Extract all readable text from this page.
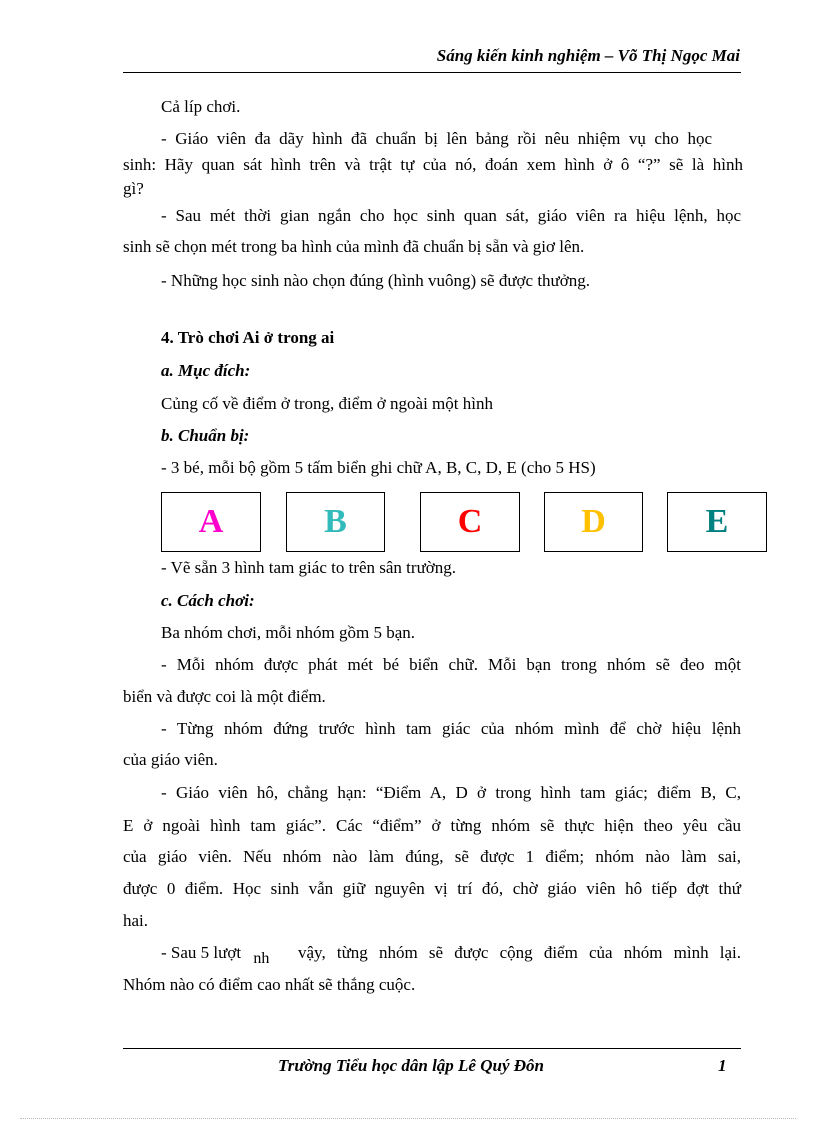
Sáng kiến kinh nghiệm – Võ Thị Ngọc Mai
Cả líp chơi.
- Giáo viên đa dãy hình đã chuẩn bị lên bảng rồi nêu nhiệm vụ cho học
sinh: Hãy quan sát hình trên và trật tự của nó, đoán xem hình ở ô “?” sẽ là hình
gì?
- Sau mét thời gian ngắn cho học sinh quan sát, giáo viên ra hiệu lệnh, học
sinh sẽ chọn mét trong ba hình của mình đã chuẩn bị sẵn và giơ lên.
- Những học sinh nào chọn đúng (hình vuông) sẽ được thưởng.
4. Trò chơi Ai ở trong ai
a. Mục đích:
Củng cố về điểm ở trong, điểm ở ngoài một hình
b. Chuẩn bị:
- 3 bé, mỗi bộ gồm 5 tấm biển ghi chữ A, B, C, D, E (cho 5 HS)
A	B	C	D	E
- Vẽ sẵn 3 hình tam giác to trên sân trường.
c. Cách chơi:
Ba nhóm chơi, mỗi nhóm gồm 5 bạn.
- Mỗi nhóm được phát mét bé biển chữ. Mỗi bạn trong nhóm sẽ đeo một
biển và được coi là một điểm.
- Từng nhóm đứng trước hình tam giác của nhóm mình để chờ hiệu lệnh
của giáo viên.
- Giáo viên hô, chẳng hạn: “Điểm A, D ở trong hình tam giác; điểm B, C,
E ở ngoài hình tam giác”. Các “điểm” ở từng nhóm sẽ thực hiện theo yêu cầu
của giáo viên. Nếu nhóm nào làm đúng, sẽ được 1 điểm; nhóm nào làm sai,
được 0 điểm. Học sinh vẫn giữ nguyên vị trí đó, chờ giáo viên hô tiếp đợt thứ
hai.
- Sau 5 lượt nh vậy, từng nhóm sẽ được cộng điểm của nhóm mình lại.
Nhóm nào có điểm cao nhất sẽ thắng cuộc.
Trường Tiểu học dân lập Lê Quý Đôn	1
